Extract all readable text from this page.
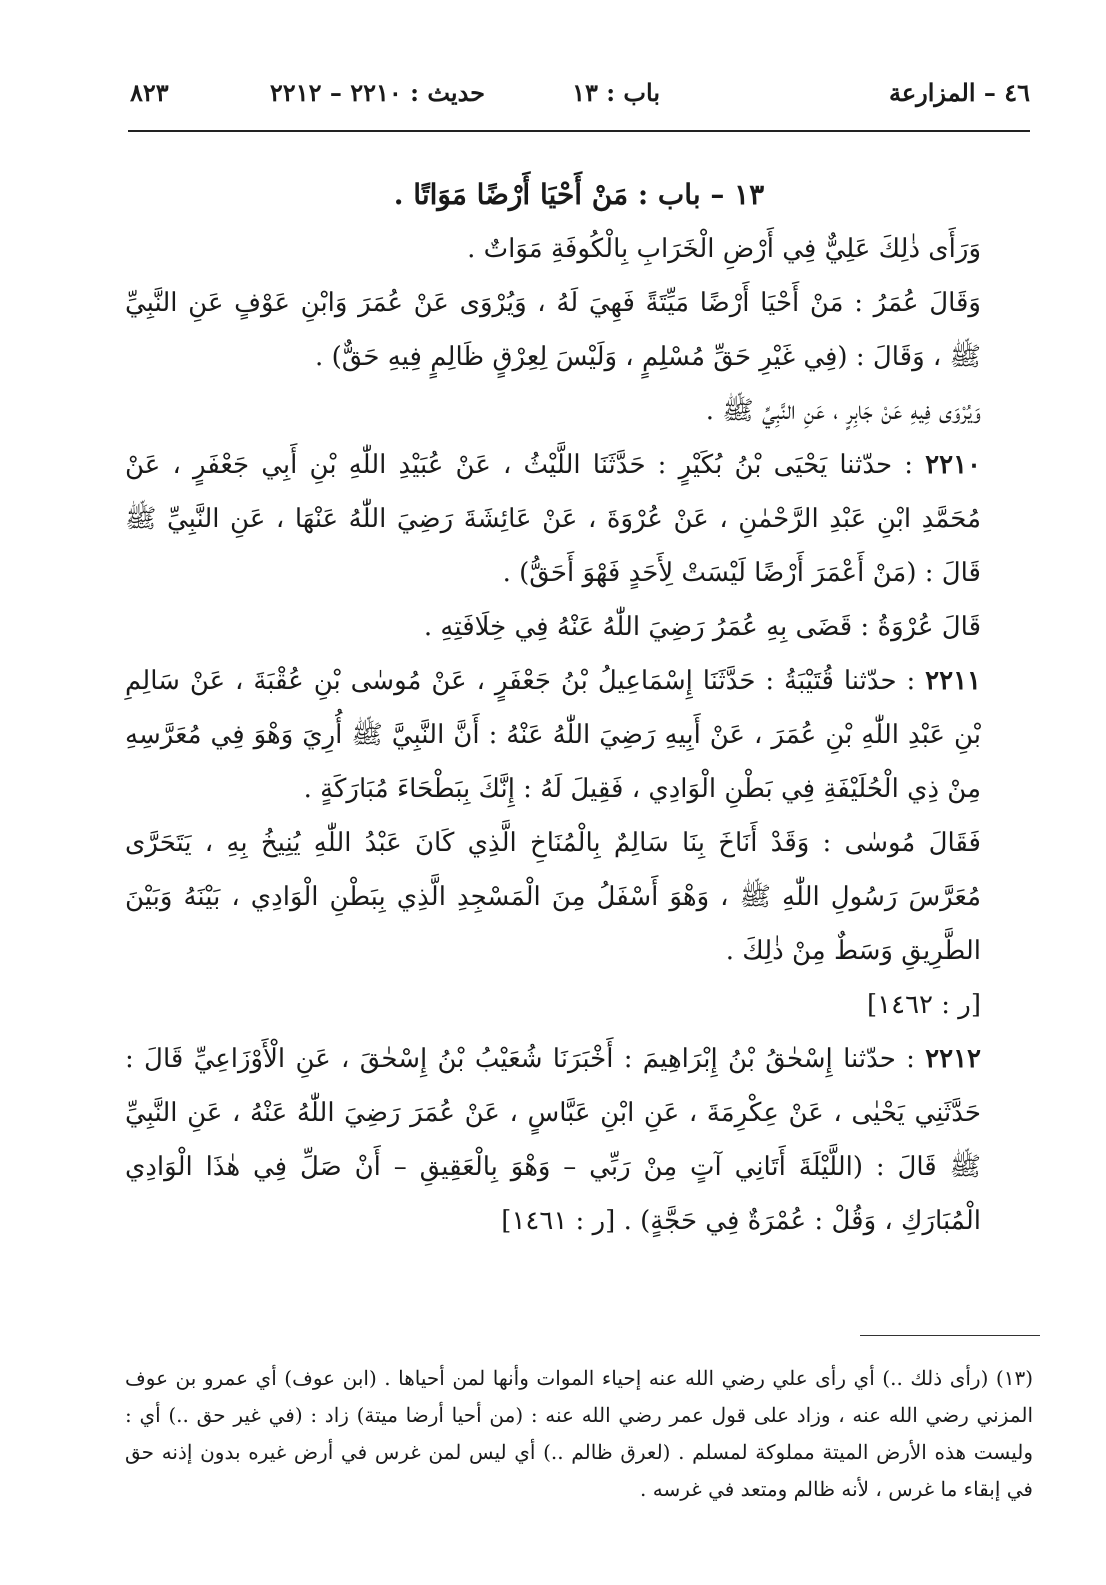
٤٦ – المزارعة
باب : ١٣
حديث : ٢٢١٠ – ٢٢١٢
٨٢٣

١٣ – باب : مَنْ أَحْيَا أَرْضًا مَوَاتًا .

وَرَأَى ذٰلِكَ عَلِيٌّ فِي أَرْضِ الْخَرَابِ بِالْكُوفَةِ مَوَاتٌ .

وَقَالَ عُمَرُ : مَنْ أَحْيَا أَرْضًا مَيِّتَةً فَهِيَ لَهُ ، وَيُرْوَى عَنْ عُمَرَ وَابْنِ عَوْفٍ عَنِ النَّبِيِّ ﷺ ، وَقَالَ : (فِي غَيْرِ حَقِّ مُسْلِمٍ ، وَلَيْسَ لِعِرْقٍ ظَالِمٍ فِيهِ حَقٌّ) .

وَيُرْوَى فِيهِ عَنْ جَابِرٍ ، عَنِ النَّبِيِّ ﷺ .

٢٢١٠ : حدّثنا يَحْيَى بْنُ بُكَيْرٍ : حَدَّثَنَا اللَّيْثُ ، عَنْ عُبَيْدِ اللّٰهِ بْنِ أَبِي جَعْفَرٍ ، عَنْ مُحَمَّدِ ابْنِ عَبْدِ الرَّحْمٰنِ ، عَنْ عُرْوَةَ ، عَنْ عَائِشَةَ رَضِيَ اللّٰهُ عَنْهَا ، عَنِ النَّبِيِّ ﷺ قَالَ : (مَنْ أَعْمَرَ أَرْضًا لَيْسَتْ لِأَحَدٍ فَهْوَ أَحَقُّ) .

قَالَ عُرْوَةُ : قَضَى بِهِ عُمَرُ رَضِيَ اللّٰهُ عَنْهُ فِي خِلَافَتِهِ .

٢٢١١ : حدّثنا قُتَيْبَةُ : حَدَّثَنَا إِسْمَاعِيلُ بْنُ جَعْفَرٍ ، عَنْ مُوسٰى بْنِ عُقْبَةَ ، عَنْ سَالِمِ بْنِ عَبْدِ اللّٰهِ بْنِ عُمَرَ ، عَنْ أَبِيهِ رَضِيَ اللّٰهُ عَنْهُ : أَنَّ النَّبِيَّ ﷺ أُرِيَ وَهْوَ فِي مُعَرَّسِهِ مِنْ ذِي الْحُلَيْفَةِ فِي بَطْنِ الْوَادِي ، فَقِيلَ لَهُ : إِنَّكَ بِبَطْحَاءَ مُبَارَكَةٍ .

فَقَالَ مُوسٰى : وَقَدْ أَنَاخَ بِنَا سَالِمٌ بِالْمُنَاخِ الَّذِي كَانَ عَبْدُ اللّٰهِ يُنِيخُ بِهِ ، يَتَحَرَّى مُعَرَّسَ رَسُولِ اللّٰهِ ﷺ ، وَهْوَ أَسْفَلُ مِنَ الْمَسْجِدِ الَّذِي بِبَطْنِ الْوَادِي ، بَيْنَهُ وَبَيْنَ الطَّرِيقِ وَسَطٌ مِنْ ذٰلِكَ .

[ر : ١٤٦٢]

٢٢١٢ : حدّثنا إِسْحٰقُ بْنُ إِبْرَاهِيمَ : أَخْبَرَنَا شُعَيْبُ بْنُ إِسْحٰقَ ، عَنِ الْأَوْزَاعِيِّ قَالَ : حَدَّثَنِي يَحْيٰى ، عَنْ عِكْرِمَةَ ، عَنِ ابْنِ عَبَّاسٍ ، عَنْ عُمَرَ رَضِيَ اللّٰهُ عَنْهُ ، عَنِ النَّبِيِّ ﷺ قَالَ : (اللَّيْلَةَ أَتَانِي آتٍ مِنْ رَبِّي – وَهْوَ بِالْعَقِيقِ – أَنْ صَلِّ فِي هٰذَا الْوَادِي الْمُبَارَكِ ، وَقُلْ : عُمْرَةٌ فِي حَجَّةٍ) . [ر : ١٤٦١]

(١٣) (رأى ذلك ..) أي رأى علي رضي الله عنه إحياء الموات وأنها لمن أحياها . (ابن عوف) أي عمرو بن عوف المزني رضي الله عنه ، وزاد على قول عمر رضي الله عنه : (من أحيا أرضا ميتة) زاد : (في غير حق ..) أي : وليست هذه الأرض الميتة مملوكة لمسلم . (لعرق ظالم ..) أي ليس لمن غرس في أرض غيره بدون إذنه حق في إبقاء ما غرس ، لأنه ظالم ومتعد في غرسه .
